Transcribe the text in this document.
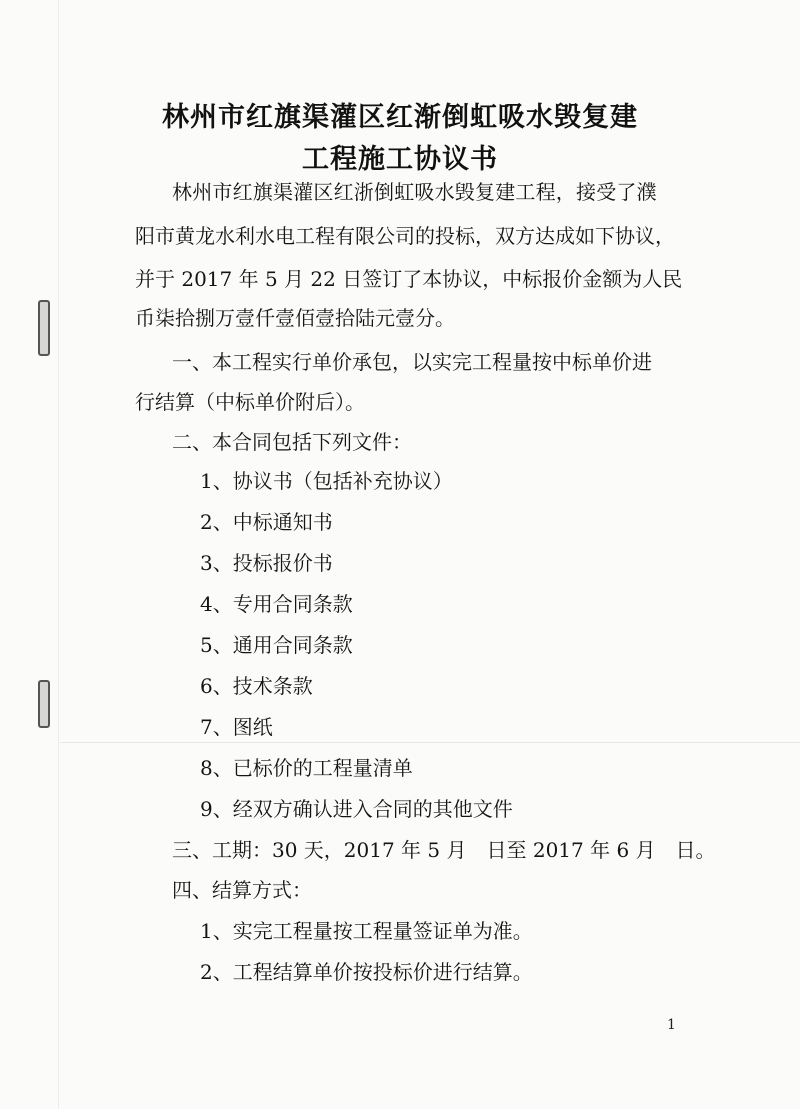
林州市红旗渠灌区红渐倒虹吸水毁复建
工程施工协议书
林州市红旗渠灌区红浙倒虹吸水毁复建工程，接受了濮
阳市黄龙水利水电工程有限公司的投标，双方达成如下协议，
并于 2017 年 5 月 22 日签订了本协议，中标报价金额为人民
币柒拾捌万壹仟壹佰壹拾陆元壹分。
一、本工程实行单价承包，以实完工程量按中标单价进
行结算（中标单价附后）。
二、本合同包括下列文件：
1、协议书（包括补充协议）
2、中标通知书
3、投标报价书
4、专用合同条款
5、通用合同条款
6、技术条款
7、图纸
8、已标价的工程量清单
9、经双方确认进入合同的其他文件
三、工期：30 天，2017 年 5 月　日至 2017 年 6 月　日。
四、结算方式：
1、实完工程量按工程量签证单为准。
2、工程结算单价按投标价进行结算。
1
